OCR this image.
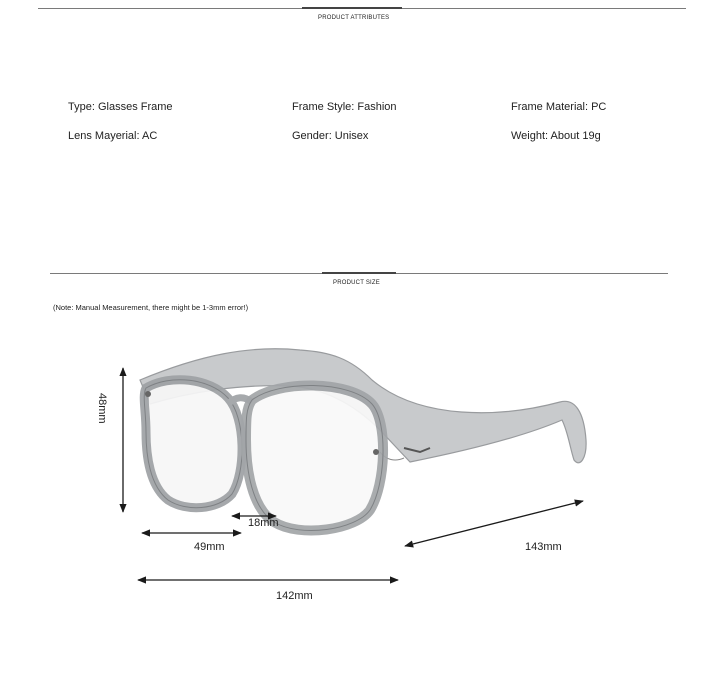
PRODUCT ATTRIBUTES
Type: Glasses Frame	Frame Style: Fashion	Frame Material: PC
Lens Mayerial: AC	Gender: Unisex	Weight: About 19g
PRODUCT SIZE
(Note: Manual Measurement, there might be 1-3mm error!)
48mm
18mm
49mm	143mm
142mm
